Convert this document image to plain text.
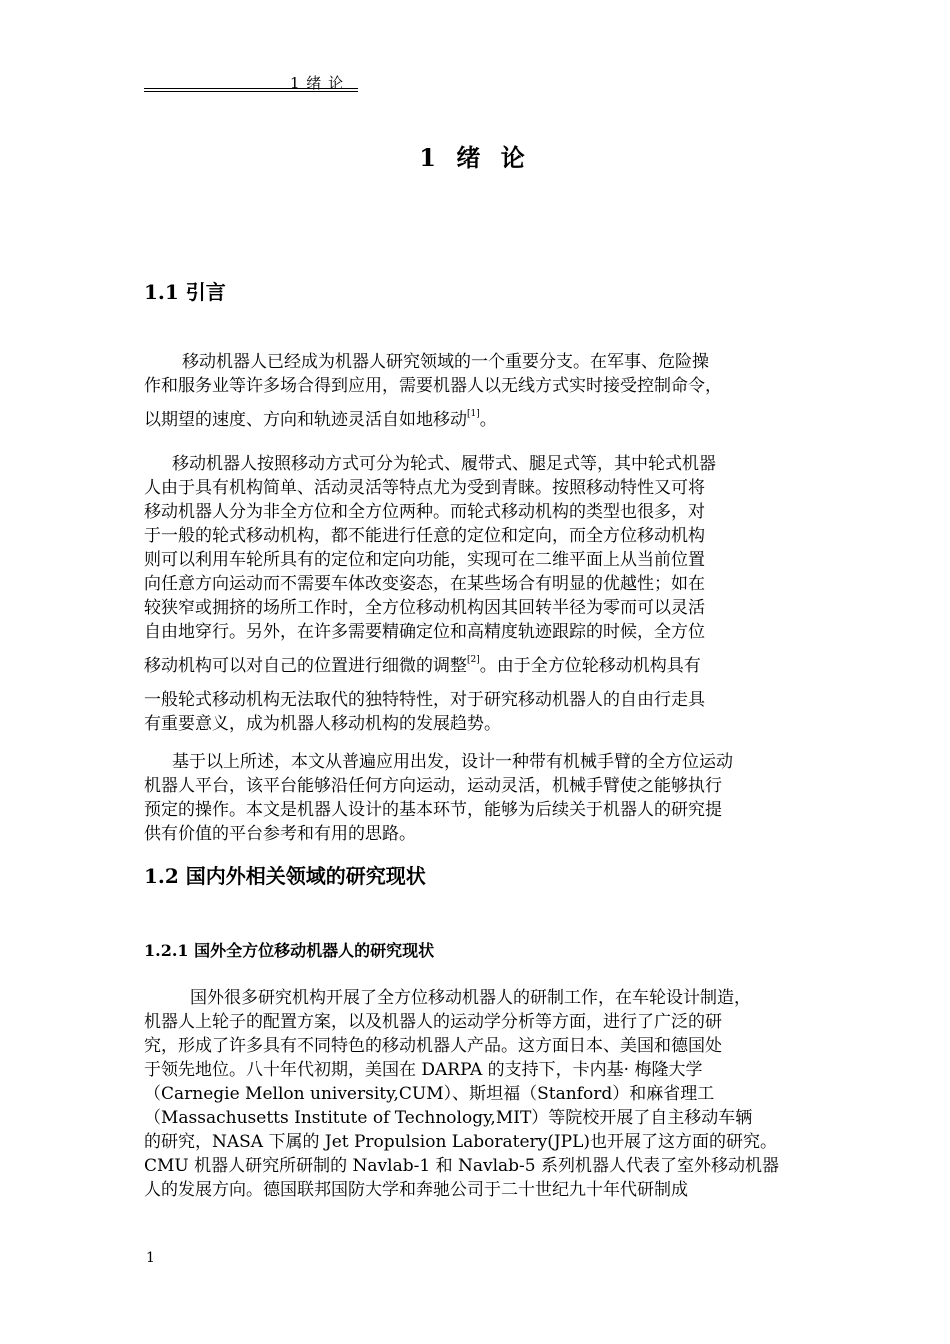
1 绪 论
1 绪 论
1.1 引言
移动机器人已经成为机器人研究领域的一个重要分支。在军事、危险操
作和服务业等许多场合得到应用，需要机器人以无线方式实时接受控制命令，
以期望的速度、方向和轨迹灵活自如地移动[1]。
移动机器人按照移动方式可分为轮式、履带式、腿足式等，其中轮式机器
人由于具有机构简单、活动灵活等特点尤为受到青睐。按照移动特性又可将
移动机器人分为非全方位和全方位两种。而轮式移动机构的类型也很多，对
于一般的轮式移动机构，都不能进行任意的定位和定向，而全方位移动机构
则可以利用车轮所具有的定位和定向功能，实现可在二维平面上从当前位置
向任意方向运动而不需要车体改变姿态，在某些场合有明显的优越性；如在
较狭窄或拥挤的场所工作时，全方位移动机构因其回转半径为零而可以灵活
自由地穿行。另外，在许多需要精确定位和高精度轨迹跟踪的时候，全方位
移动机构可以对自己的位置进行细微的调整[2]。由于全方位轮移动机构具有
一般轮式移动机构无法取代的独特特性，对于研究移动机器人的自由行走具
有重要意义，成为机器人移动机构的发展趋势。
基于以上所述，本文从普遍应用出发，设计一种带有机械手臂的全方位运动
机器人平台，该平台能够沿任何方向运动，运动灵活，机械手臂使之能够执行
预定的操作。本文是机器人设计的基本环节，能够为后续关于机器人的研究提
供有价值的平台参考和有用的思路。
1.2 国内外相关领域的研究现状
1.2.1 国外全方位移动机器人的研究现状
国外很多研究机构开展了全方位移动机器人的研制工作，在车轮设计制造，
机器人上轮子的配置方案，以及机器人的运动学分析等方面，进行了广泛的研
究，形成了许多具有不同特色的移动机器人产品。这方面日本、美国和德国处
于领先地位。八十年代初期，美国在 DARPA 的支持下，卡内基· 梅隆大学
（Carnegie Mellon university,CUM）、斯坦福（Stanford）和麻省理工
（Massachusetts Institute of Technology,MIT）等院校开展了自主移动车辆
的研究，NASA 下属的 Jet Propulsion Laboratery(JPL)也开展了这方面的研究。
CMU 机器人研究所研制的 Navlab-1 和 Navlab-5 系列机器人代表了室外移动机器
人的发展方向。德国联邦国防大学和奔驰公司于二十世纪九十年代研制成
1
